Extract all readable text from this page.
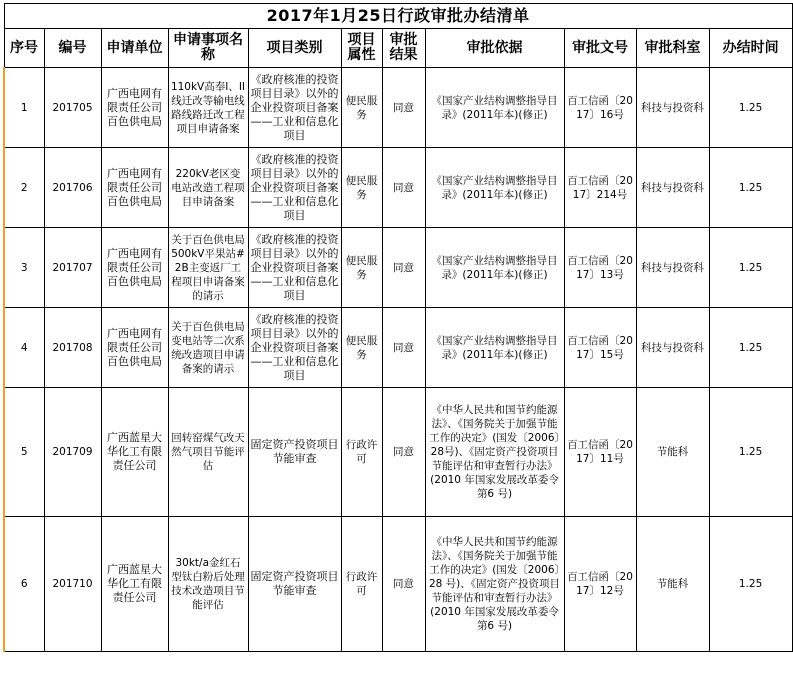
2017年1月25日行政审批办结清单										
序号	编号	申请单位	申请事项名称	项目类别	项目属性	审批结果	审批依据	审批文号	审批科室	办结时间
1	201705	广西电网有限责任公司百色供电局	110kV高奉I、II线迁改等输电线路线路迁改工程项目申请备案	《政府核准的投资项目目录》以外的企业投资项目备案——工业和信息化项目	便民服务	同意	《国家产业结构调整指导目录》(2011年本)(修正)	百工信函〔2017〕16号	科技与投资科	1.25
2	201706	广西电网有限责任公司百色供电局	220kV老区变电站改造工程项目申请备案	《政府核准的投资项目目录》以外的企业投资项目备案——工业和信息化项目	便民服务	同意	《国家产业结构调整指导目录》(2011年本)(修正)	百工信函〔2017〕214号	科技与投资科	1.25
3	201707	广西电网有限责任公司百色供电局	关于百色供电局500kV平果站#2B主变返厂工程项目申请备案的请示	《政府核准的投资项目目录》以外的企业投资项目备案——工业和信息化项目	便民服务	同意	《国家产业结构调整指导目录》(2011年本)(修正)	百工信函〔2017〕13号	科技与投资科	1.25
4	201708	广西电网有限责任公司百色供电局	关于百色供电局变电站等二次系统改造项目申请备案的请示	《政府核准的投资项目目录》以外的企业投资项目备案——工业和信息化项目	便民服务	同意	《国家产业结构调整指导目录》(2011年本)(修正)	百工信函〔2017〕15号	科技与投资科	1.25
5	201709	广西蓝星大华化工有限责任公司	回转窑煤气改天然气项目节能评估	固定资产投资项目节能审查	行政许可	同意	《中华人民共和国节约能源法》、《国务院关于加强节能工作的决定》(国发〔2006〕28号)、《固定资产投资项目节能评估和审查暂行办法》(2010 年国家发展改革委令第6 号)	百工信函〔2017〕11号	节能科	1.25
6	201710	广西蓝星大华化工有限责任公司	30kt/a金红石型钛白粉后处理技术改造项目节能评估	固定资产投资项目节能审查	行政许可	同意	《中华人民共和国节约能源法》、《国务院关于加强节能工作的决定》(国发〔2006〕28 号)、《固定资产投资项目节能评估和审查暂行办法》(2010 年国家发展改革委令第6 号)	百工信函〔2017〕12号	节能科	1.25
